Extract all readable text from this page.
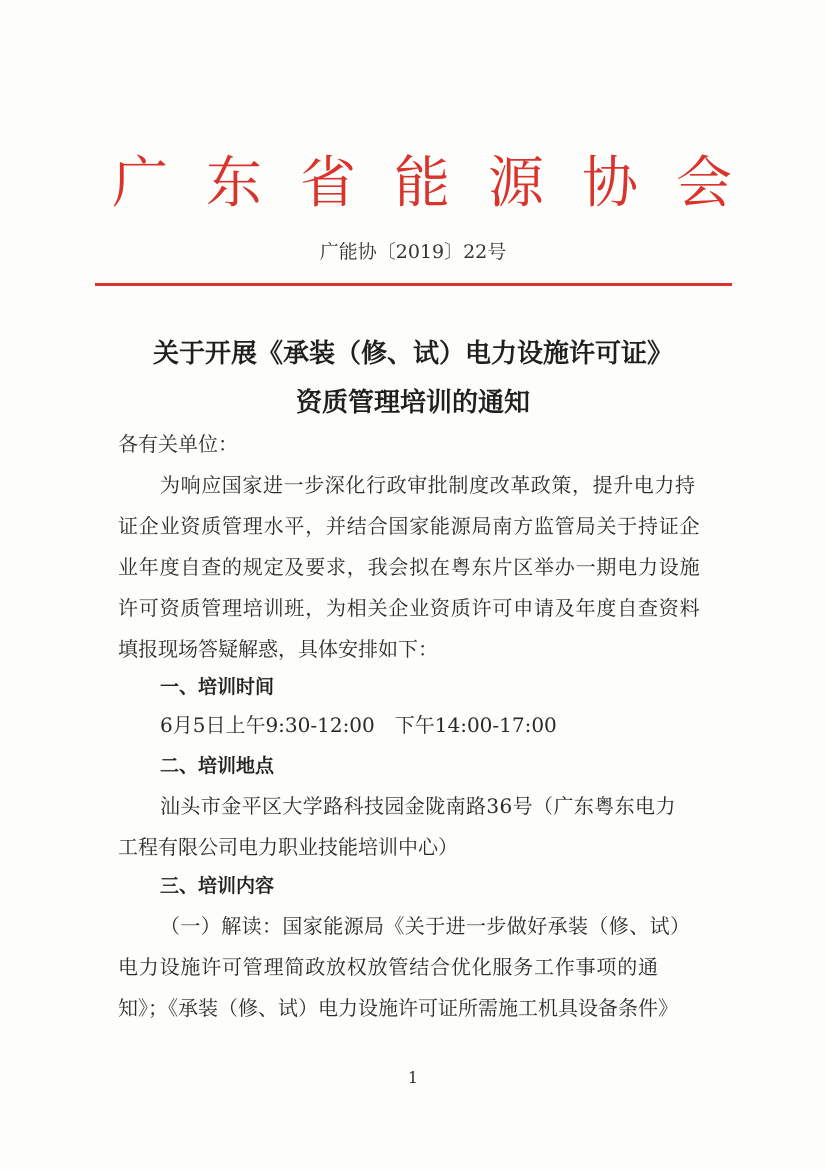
广 东 省 能 源 协 会
广能协〔2019〕22号
关于开展《承装（修、试）电力设施许可证》
资质管理培训的通知
各有关单位：
为响应国家进一步深化行政审批制度改革政策，提升电力持
证企业资质管理水平，并结合国家能源局南方监管局关于持证企
业年度自查的规定及要求，我会拟在粤东片区举办一期电力设施
许可资质管理培训班，为相关企业资质许可申请及年度自查资料
填报现场答疑解惑，具体安排如下：
一、培训时间
6月5日上午9:30-12:00　下午14:00-17:00
二、培训地点
汕头市金平区大学路科技园金陇南路36号（广东粤东电力
工程有限公司电力职业技能培训中心）
三、培训内容
（一）解读：国家能源局《关于进一步做好承装（修、试）
电力设施许可管理简政放权放管结合优化服务工作事项的通
知》；《承装（修、试）电力设施许可证所需施工机具设备条件》
1
